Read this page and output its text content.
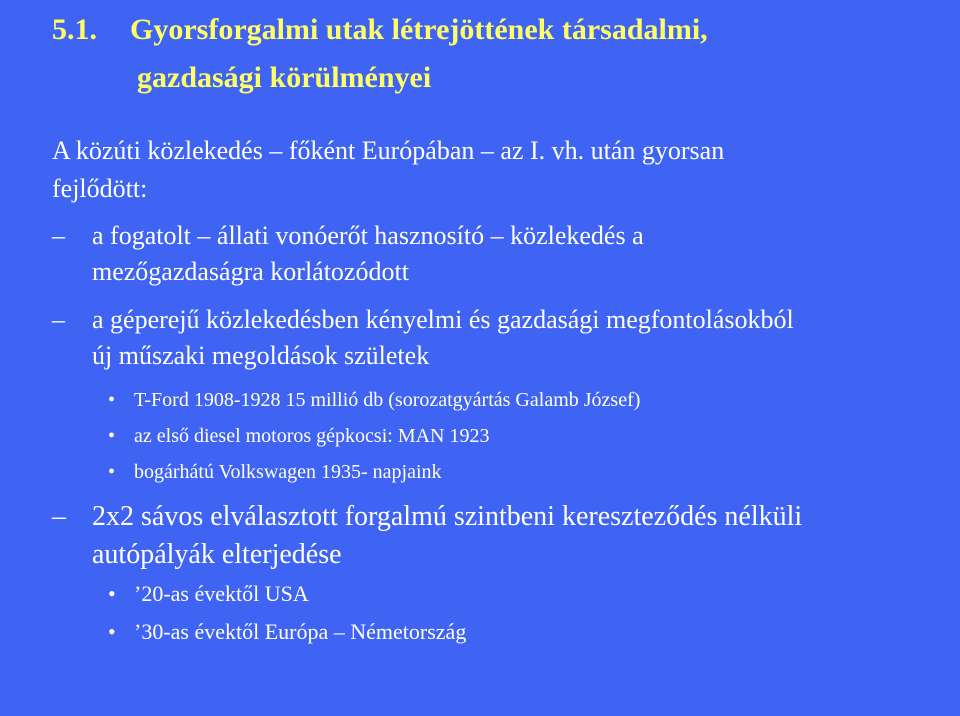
5.1. Gyorsforgalmi utak létrejöttének társadalmi,
gazdasági körülményei
A közúti közlekedés – főként Európában – az I. vh. után gyorsan
fejlődött:
–	a fogatolt – állati vonóerőt hasznosító – közlekedés a
mezőgazdaságra korlátozódott
–	a gépereјű közlekedésben kényelmi és gazdasági megfontolásokból
új műszaki megoldások születek
• T-Ford 1908-1928 15 millió db (sorozatgyártás Galamb József)
• az első diesel motoros gépkocsi: MAN 1923
• bogárhátú Volkswagen 1935- napjaink
– 2x2 sávos elválasztott forgalmú szintbeni kereszteződés nélküli
autópályák elterjedése
• ’20-as évektől USA
• ’30-as évektől Európa – Németország
